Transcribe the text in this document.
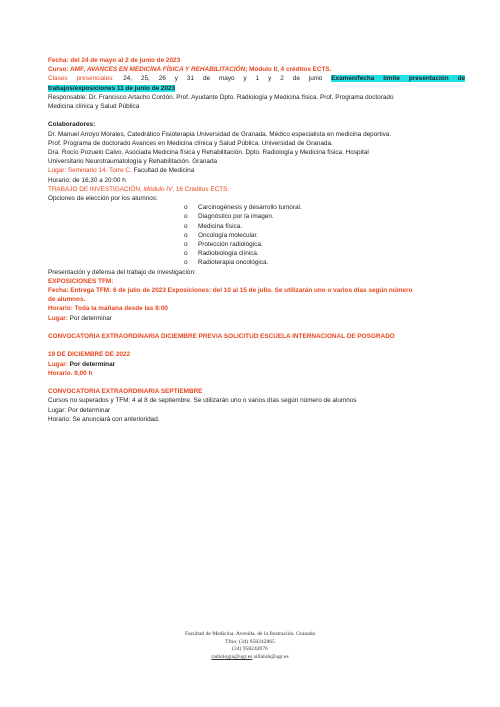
Fecha: del 24 de mayo al 2 de junio de 2023
Curso: AMF, AVANCES EN MEDICINA FÍSICA Y REHABILITACIÓN; Módulo II, 4 créditos ECTS.
Clases presenciales: 24, 25, 26 y 31 de mayo y 1 y 2 de junio Examen/fecha límite presentación de
trabajos/exposiciones 11 de junio de 2023
Responsable: Dr. Francisco Artacho Cordón. Prof. Ayudante Dpto. Radiología y Medicina física. Prof. Programa doctorado
Medicina clínica y Salud Pública
Colaboradores:
Dr. Manuel Arroyo Morales, Catedrático Fisioterapia Universidad de Granada. Médico especialista en medicina deportiva.
Prof. Programa de doctorado Avances en Medicina clínica y Salud Pública. Universidad de Granada.
Dra. Rocío Pozuelo Calvo. Asociada Medicina física y Rehabilitación. Dpto. Radiología y Medicina física. Hospital
Universitario Neurotraumatología y Rehabilitación. Granada
Lugar: Seminario 14. Torre C. Facultad de Medicina
Horario: de 16,30 a 20:00 h
TRABAJO DE INVESTIGACIÓN, Módulo IV, 16 Créditos ECTS.
Opciones de elección por los alumnos:
o	Carcinogénesis y desarrollo tumoral.
o	Diagnóstico por la imagen.
o	Medicina física.
o	Oncología molecular.
o	Protección radiológica.
o	Radiobiología clínica.
o	Radioterapia oncológica.
Presentación y defensa del trabajo de investigación:
EXPOSICIONES TFM:
Fecha: Entrega TFM: 6 de julio de 2023 Exposiciones: del 10 al 15 de julio. Se utilizarán uno o varios días según número
de alumnos.
Horario: Toda la mañana desde las 8:00
Lugar: Por determinar
CONVOCATORIA EXTRAORDINARIA DICIEMBRE PREVIA SOLICITUD ESCUELA INTERNACIONAL DE POSGRADO
19 DE DICIEMBRE DE 2022
Lugar: Por determinar
Horario. 9,00 h
CONVOCATORIA EXTRAORDINARIA SEPTIEMBRE
Cursos no superados y TFM: 4 al 8 de septiembre. Se utilizarán uno o varios días según número de alumnos
Lugar: Por determinar
Horario: Se anunciará con anterioridad.
Facultad de Medicina. Avenida. de la Ilustración. Granada
Tfno: (34) 958242865
(34) 958242076
radiologia@ugr.es sillalob@ugr.es
